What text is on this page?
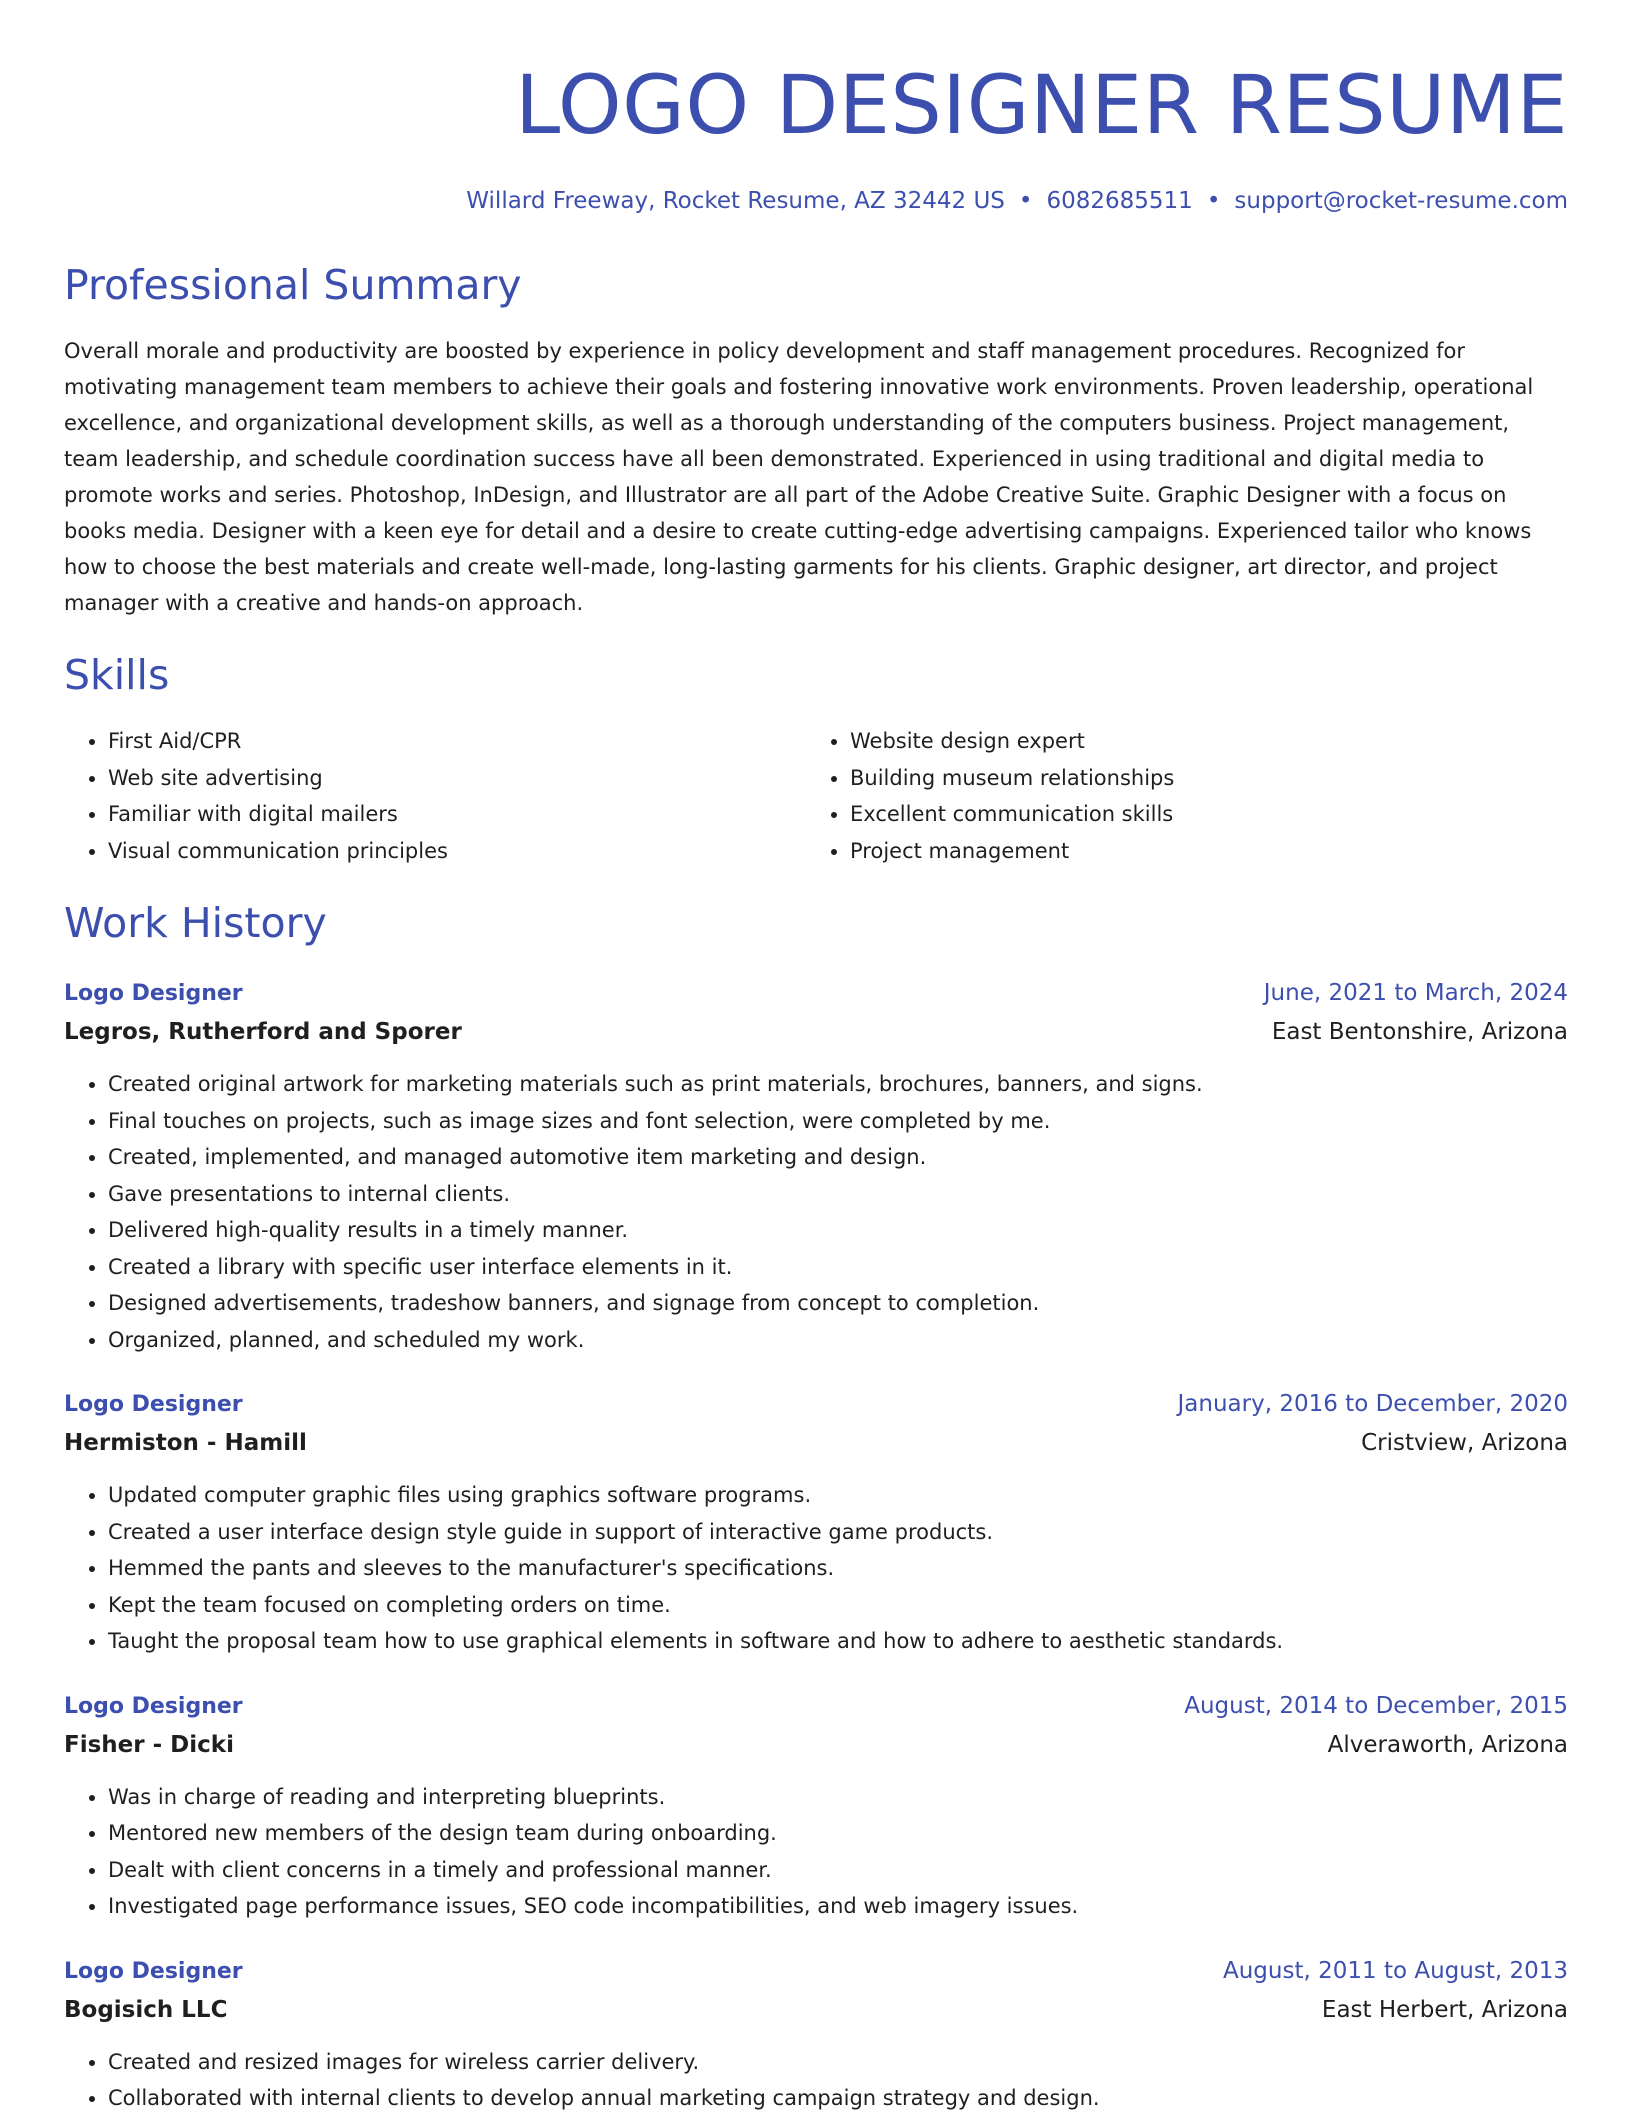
LOGO DESIGNER RESUME
Willard Freeway, Rocket Resume, AZ 32442 US • 6082685511 • support@rocket-resume.com
Professional Summary

Overall morale and productivity are boosted by experience in policy development and staff management procedures. Recognized for motivating management team members to achieve their goals and fostering innovative work environments. Proven leadership, operational excellence, and organizational development skills, as well as a thorough understanding of the computers business. Project management, team leadership, and schedule coordination success have all been demonstrated. Experienced in using traditional and digital media to promote works and series. Photoshop, InDesign, and Illustrator are all part of the Adobe Creative Suite. Graphic Designer with a focus on books media. Designer with a keen eye for detail and a desire to create cutting-edge advertising campaigns. Experienced tailor who knows how to choose the best materials and create well-made, long-lasting garments for his clients. Graphic designer, art director, and project manager with a creative and hands-on approach.

Skills
• First Aid/CPR
• Web site advertising
• Familiar with digital mailers
• Visual communication principles
• Website design expert
• Building museum relationships
• Excellent communication skills
• Project management
Work History
Logo Designer	June, 2021 to March, 2024
Legros, Rutherford and Sporer	East Bentonshire, Arizona
• Created original artwork for marketing materials such as print materials, brochures, banners, and signs.
• Final touches on projects, such as image sizes and font selection, were completed by me.
• Created, implemented, and managed automotive item marketing and design.
• Gave presentations to internal clients.
• Delivered high-quality results in a timely manner.
• Created a library with specific user interface elements in it.
• Designed advertisements, tradeshow banners, and signage from concept to completion.
• Organized, planned, and scheduled my work.
Logo Designer	January, 2016 to December, 2020
Hermiston - Hamill	Cristview, Arizona
• Updated computer graphic files using graphics software programs.
• Created a user interface design style guide in support of interactive game products.
• Hemmed the pants and sleeves to the manufacturer's specifications.
• Kept the team focused on completing orders on time.
• Taught the proposal team how to use graphical elements in software and how to adhere to aesthetic standards.
Logo Designer	August, 2014 to December, 2015
Fisher - Dicki	Alveraworth, Arizona
• Was in charge of reading and interpreting blueprints.
• Mentored new members of the design team during onboarding.
• Dealt with client concerns in a timely and professional manner.
• Investigated page performance issues, SEO code incompatibilities, and web imagery issues.
Logo Designer	August, 2011 to August, 2013
Bogisich LLC	East Herbert, Arizona
• Created and resized images for wireless carrier delivery.
• Collaborated with internal clients to develop annual marketing campaign strategy and design.
